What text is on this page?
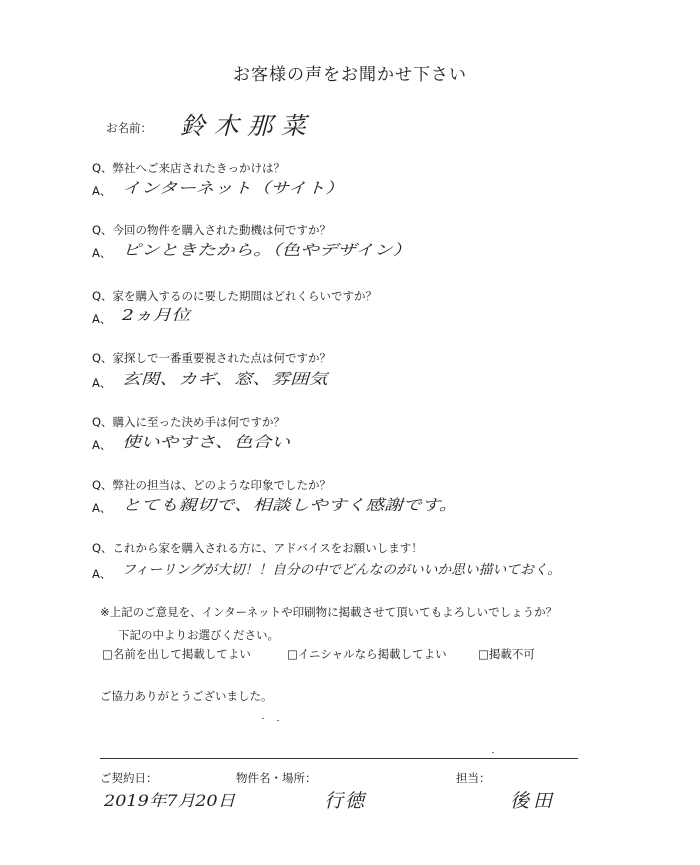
お客様の声をお聞かせ下さい
お名前： 鈴木那菜
Q、弊社へご来店されたきっかけは？
A、 インターネット（サイト）
Q、今回の物件を購入された動機は何ですか？
A、 ピンときたから。（色やデザイン）
Q、家を購入するのに要した期間はどれくらいですか？
A、 2ヵ月位
Q、家探しで一番重要視された点は何ですか？
A、 玄関、カギ、窓、雰囲気
Q、購入に至った決め手は何ですか？
A、 使いやすさ、色合い
Q、弊社の担当は、どのような印象でしたか？
A、 とても親切で、相談しやすく感謝です。
Q、これから家を購入される方に、アドバイスをお願いします！
A、 フィーリングが大切！！自分の中でどんなのがいいか思い描いておく。
※上記のご意見を、インターネットや印刷物に掲載させて頂いてもよろしいでしょうか？
下記の中よりお選びください。
□名前を出して掲載してよい	□イニシャルなら掲載してよい	□掲載不可
ご協力ありがとうございました。
ご契約日：	物件名・場所：	担当：
2019年7月20日	行徳	後田
